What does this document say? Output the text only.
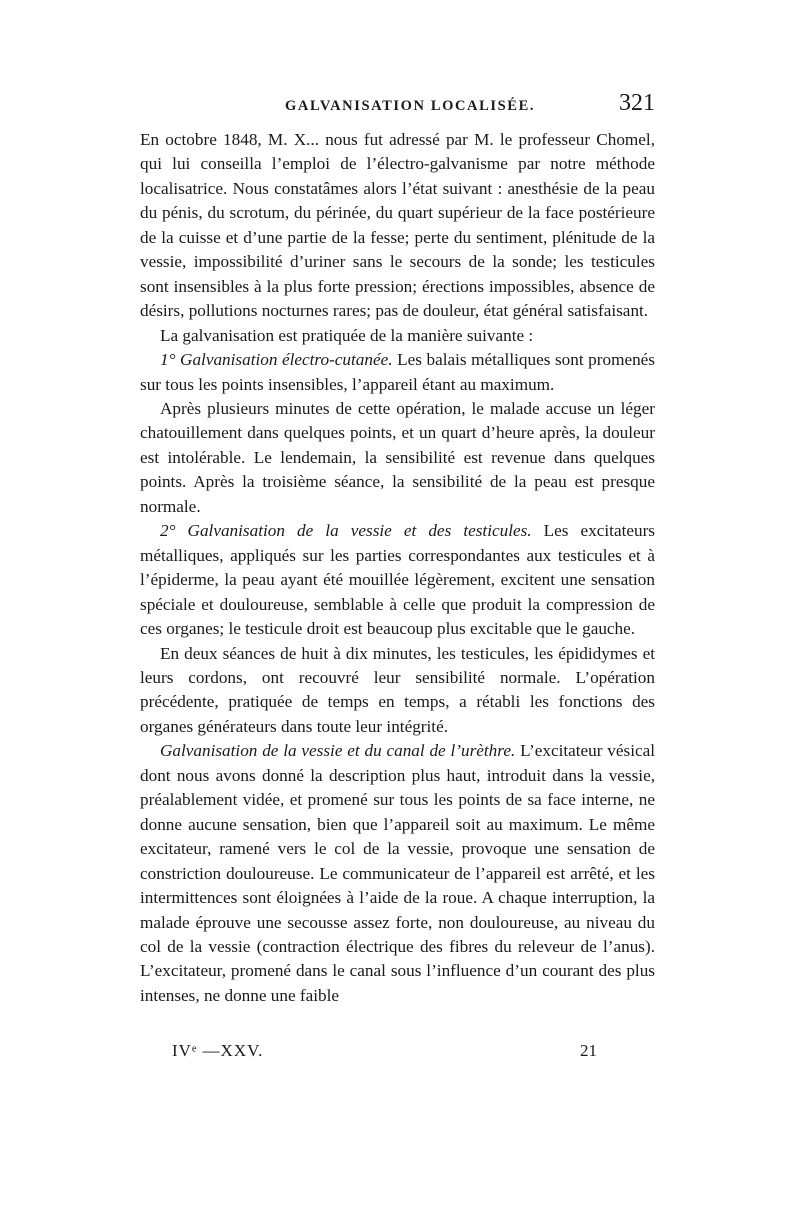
GALVANISATION LOCALISÉE.	321

En octobre 1848, M. X... nous fut adressé par M. le professeur Chomel, qui lui conseilla l’emploi de l’électro-galvanisme par notre méthode localisatrice. Nous constatâmes alors l’état suivant : anesthésie de la peau du pénis, du scrotum, du périnée, du quart supérieur de la face postérieure de la cuisse et d’une partie de la fesse; perte du sentiment, plénitude de la vessie, impossibilité d’uriner sans le secours de la sonde; les testicules sont insensibles à la plus forte pression; érections impossibles, absence de désirs, pollutions nocturnes rares; pas de douleur, état général satisfaisant.

La galvanisation est pratiquée de la manière suivante :

1° Galvanisation électro-cutanée. Les balais métalliques sont promenés sur tous les points insensibles, l’appareil étant au maximum.

Après plusieurs minutes de cette opération, le malade accuse un léger chatouillement dans quelques points, et un quart d’heure après, la douleur est intolérable. Le lendemain, la sensibilité est revenue dans quelques points. Après la troisième séance, la sensibilité de la peau est presque normale.

2° Galvanisation de la vessie et des testicules. Les excitateurs métalliques, appliqués sur les parties correspondantes aux testicules et à l’épiderme, la peau ayant été mouillée légèrement, excitent une sensation spéciale et douloureuse, semblable à celle que produit la compression de ces organes; le testicule droit est beaucoup plus excitable que le gauche.

En deux séances de huit à dix minutes, les testicules, les épididymes et leurs cordons, ont recouvré leur sensibilité normale. L’opération précédente, pratiquée de temps en temps, a rétabli les fonctions des organes générateurs dans toute leur intégrité.

Galvanisation de la vessie et du canal de l’urèthre. L’excitateur vésical dont nous avons donné la description plus haut, introduit dans la vessie, préalablement vidée, et promené sur tous les points de sa face interne, ne donne aucune sensation, bien que l’appareil soit au maximum. Le même excitateur, ramené vers le col de la vessie, provoque une sensation de constriction douloureuse. Le communicateur de l’appareil est arrêté, et les intermittences sont éloignées à l’aide de la roue. A chaque interruption, la malade éprouve une secousse assez forte, non douloureuse, au niveau du col de la vessie (contraction électrique des fibres du releveur de l’anus). L’excitateur, promené dans le canal sous l’influence d’un courant des plus intenses, ne donne une faible

IVᵉ —XXV.	21
